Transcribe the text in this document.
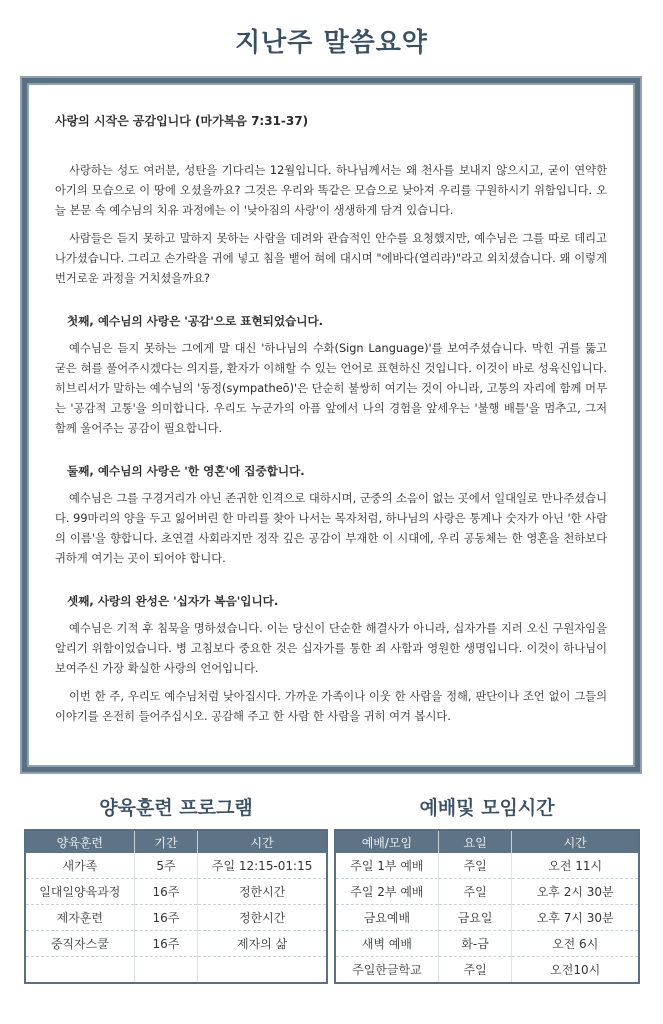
지난주 말씀요약
사랑의 시작은 공감입니다 (마가복음 7:31-37)

사랑하는 성도 여러분, 성탄을 기다리는 12월입니다. 하나님께서는 왜 천사를 보내지 않으시고, 굳이 연약한 아기의 모습으로 이 땅에 오셨을까요? 그것은 우리와 똑같은 모습으로 낮아져 우리를 구원하시기 위함입니다. 오늘 본문 속 예수님의 치유 과정에는 이 '낮아짐의 사랑'이 생생하게 담겨 있습니다.

사람들은 듣지 못하고 말하지 못하는 사람을 데려와 관습적인 안수를 요청했지만, 예수님은 그를 따로 데리고 나가셨습니다. 그리고 손가락을 귀에 넣고 침을 뱉어 혀에 대시며 "에바다(열리라)"라고 외치셨습니다. 왜 이렇게 번거로운 과정을 거치셨을까요?

첫째, 예수님의 사랑은 '공감'으로 표현되었습니다.

예수님은 듣지 못하는 그에게 말 대신 '하나님의 수화(Sign Language)'를 보여주셨습니다. 막힌 귀를 뚫고 굳은 혀를 풀어주시겠다는 의지를, 환자가 이해할 수 있는 언어로 표현하신 것입니다. 이것이 바로 성육신입니다. 히브리서가 말하는 예수님의 '동정(sympatheō)'은 단순히 불쌍히 여기는 것이 아니라, 고통의 자리에 함께 머무는 '공감적 고통'을 의미합니다. 우리도 누군가의 아픔 앞에서 나의 경험을 앞세우는 '불행 배틀'을 멈추고, 그저 함께 울어주는 공감이 필요합니다.

둘째, 예수님의 사랑은 '한 영혼'에 집중합니다.

예수님은 그를 구경거리가 아닌 존귀한 인격으로 대하시며, 군중의 소음이 없는 곳에서 일대일로 만나주셨습니다. 99마리의 양을 두고 잃어버린 한 마리를 찾아 나서는 목자처럼, 하나님의 사랑은 통계나 숫자가 아닌 '한 사람의 이름'을 향합니다. 초연결 사회라지만 정작 깊은 공감이 부재한 이 시대에, 우리 공동체는 한 영혼을 천하보다 귀하게 여기는 곳이 되어야 합니다.

셋째, 사랑의 완성은 '십자가 복음'입니다.

예수님은 기적 후 침묵을 명하셨습니다. 이는 당신이 단순한 해결사가 아니라, 십자가를 지러 오신 구원자임을 알리기 위함이었습니다. 병 고침보다 중요한 것은 십자가를 통한 죄 사함과 영원한 생명입니다. 이것이 하나님이 보여주신 가장 확실한 사랑의 언어입니다.

이번 한 주, 우리도 예수님처럼 낮아집시다. 가까운 가족이나 이웃 한 사람을 정해, 판단이나 조언 없이 그들의 이야기를 온전히 들어주십시오. 공감해 주고 한 사람 한 사람을 귀히 여겨 봅시다.

양육훈련 프로그램	예배및 모임시간
양육훈련	기간	시간
새가족	5주	주일 12:15-01:15
일대일양육과정	16주	정한시간
제자훈련	16주	정한시간
중직자스쿨	16주	제자의 삶

예배/모임	요일	시간
주일 1부 예배	주일	오전 11시
주일 2부 예배	주일	오후 2시 30분
금요예배	금요일	오후 7시 30분
새벽 예배	화-금	오전 6시
주일한글학교	주일	오전10시
